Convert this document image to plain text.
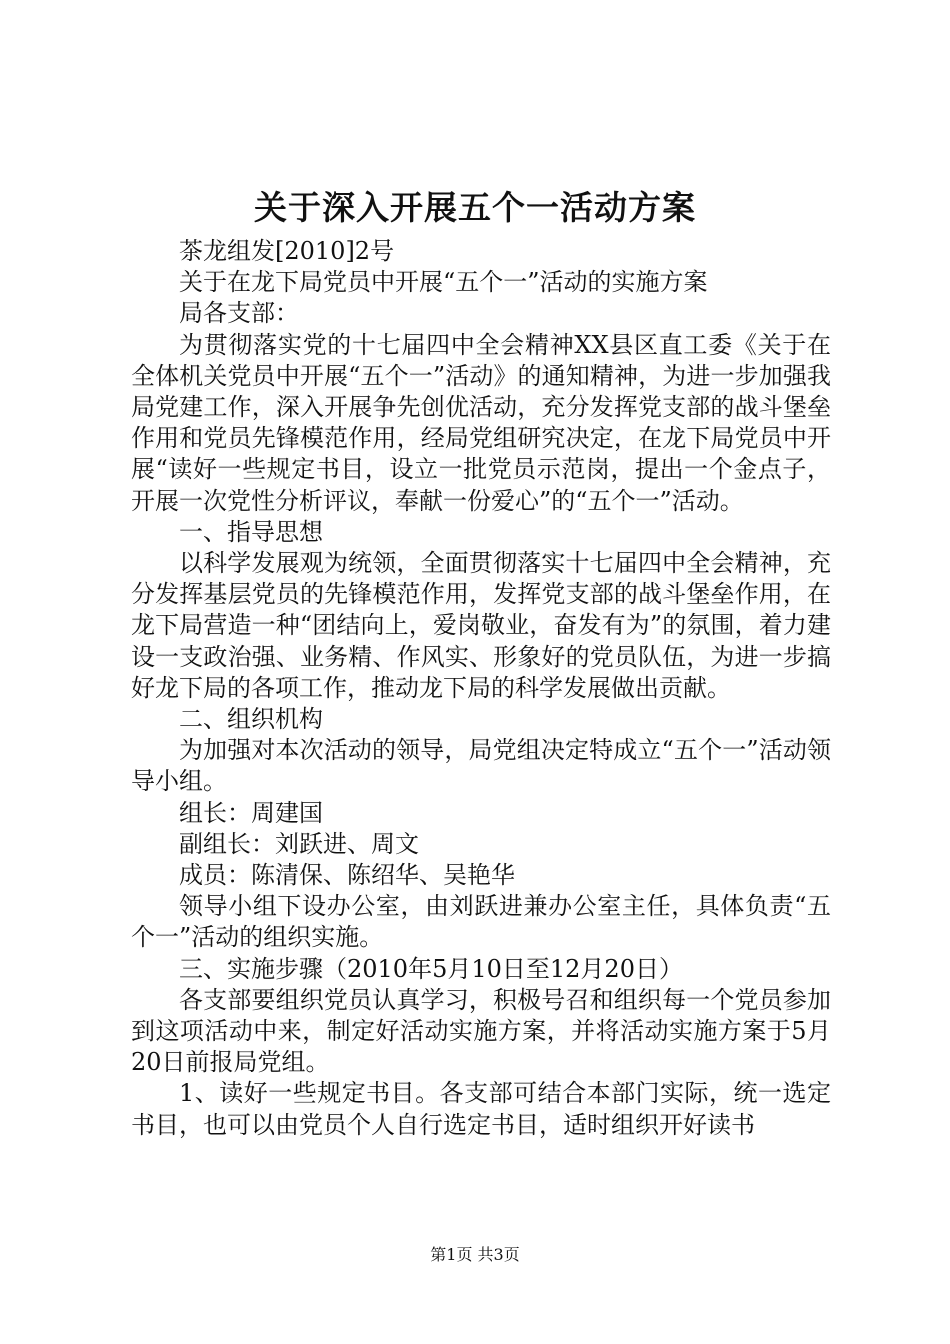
关于深入开展五个一活动方案

茶龙组发[2010]2号

关于在龙下局党员中开展“五个一”活动的实施方案

局各支部：

为贯彻落实党的十七届四中全会精神XX县区直工委《关于在全体机关党员中开展“五个一”活动》的通知精神，为进一步加强我局党建工作，深入开展争先创优活动，充分发挥党支部的战斗堡垒作用和党员先锋模范作用，经局党组研究决定，在龙下局党员中开展“读好一些规定书目，设立一批党员示范岗，提出一个金点子，开展一次党性分析评议，奉献一份爱心”的“五个一”活动。

一、指导思想

以科学发展观为统领，全面贯彻落实十七届四中全会精神，充分发挥基层党员的先锋模范作用，发挥党支部的战斗堡垒作用，在龙下局营造一种“团结向上，爱岗敬业，奋发有为”的氛围，着力建设一支政治强、业务精、作风实、形象好的党员队伍，为进一步搞好龙下局的各项工作，推动龙下局的科学发展做出贡献。

二、组织机构

为加强对本次活动的领导，局党组决定特成立“五个一”活动领导小组。

组长：周建国

副组长：刘跃进、周文

成员：陈清保、陈绍华、吴艳华

领导小组下设办公室，由刘跃进兼办公室主任，具体负责“五个一”活动的组织实施。

三、实施步骤（2010年5月10日至12月20日）

各支部要组织党员认真学习，积极号召和组织每一个党员参加到这项活动中来，制定好活动实施方案，并将活动实施方案于5月20日前报局党组。

1、读好一些规定书目。各支部可结合本部门实际，统一选定书目，也可以由党员个人自行选定书目，适时组织开好读书

第1页 共3页
